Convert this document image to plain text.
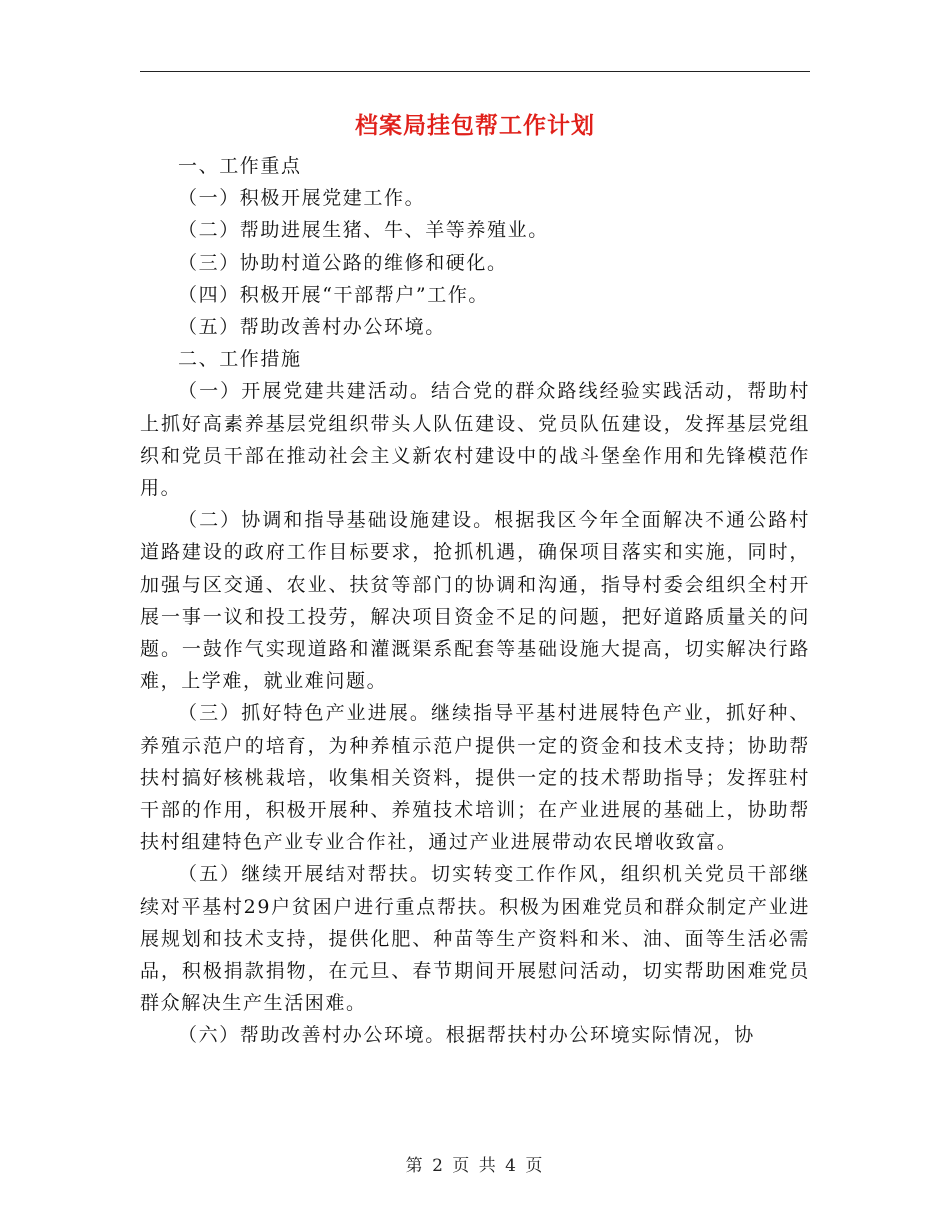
档案局挂包帮工作计划

一、工作重点

（一）积极开展党建工作。

（二）帮助进展生猪、牛、羊等养殖业。

（三）协助村道公路的维修和硬化。

（四）积极开展“干部帮户”工作。

（五）帮助改善村办公环境。

二、工作措施

（一）开展党建共建活动。结合党的群众路线经验实践活动，帮助村上抓好高素养基层党组织带头人队伍建设、党员队伍建设，发挥基层党组织和党员干部在推动社会主义新农村建设中的战斗堡垒作用和先锋模范作用。

（二）协调和指导基础设施建设。根据我区今年全面解决不通公路村道路建设的政府工作目标要求，抢抓机遇，确保项目落实和实施，同时，加强与区交通、农业、扶贫等部门的协调和沟通，指导村委会组织全村开展一事一议和投工投劳，解决项目资金不足的问题，把好道路质量关的问题。一鼓作气实现道路和灌溉渠系配套等基础设施大提高，切实解决行路难，上学难，就业难问题。

（三）抓好特色产业进展。继续指导平基村进展特色产业，抓好种、养殖示范户的培育，为种养植示范户提供一定的资金和技术支持；协助帮扶村搞好核桃栽培，收集相关资料，提供一定的技术帮助指导；发挥驻村干部的作用，积极开展种、养殖技术培训；在产业进展的基础上，协助帮扶村组建特色产业专业合作社，通过产业进展带动农民增收致富。

（五）继续开展结对帮扶。切实转变工作作风，组织机关党员干部继续对平基村29户贫困户进行重点帮扶。积极为困难党员和群众制定产业进展规划和技术支持，提供化肥、种苗等生产资料和米、油、面等生活必需品，积极捐款捐物，在元旦、春节期间开展慰问活动，切实帮助困难党员群众解决生产生活困难。

（六）帮助改善村办公环境。根据帮扶村办公环境实际情况，协

第 2 页 共 4 页
